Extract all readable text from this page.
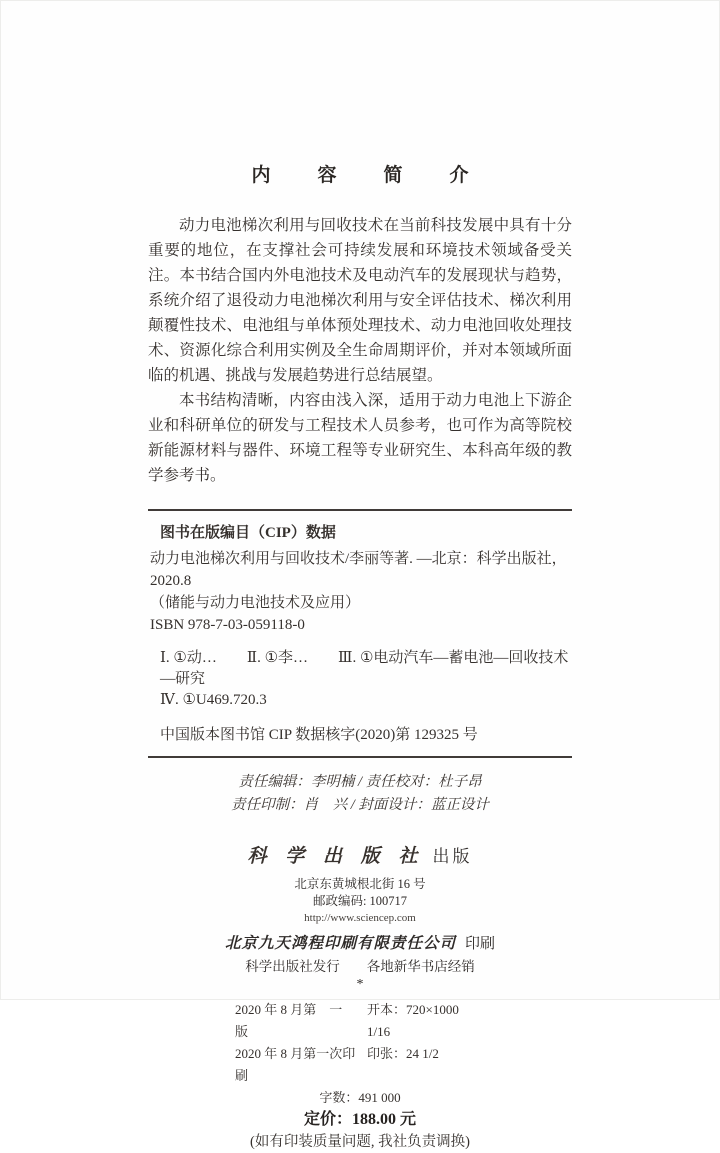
内　容　简　介

动力电池梯次利用与回收技术在当前科技发展中具有十分重要的地位，在支撑社会可持续发展和环境技术领域备受关注。本书结合国内外电池技术及电动汽车的发展现状与趋势，系统介绍了退役动力电池梯次利用与安全评估技术、梯次利用颠覆性技术、电池组与单体预处理技术、动力电池回收处理技术、资源化综合利用实例及全生命周期评价，并对本领域所面临的机遇、挑战与发展趋势进行总结展望。

本书结构清晰，内容由浅入深，适用于动力电池上下游企业和科研单位的研发与工程技术人员参考，也可作为高等院校新能源材料与器件、环境工程等专业研究生、本科高年级的教学参考书。

图书在版编目（CIP）数据
动力电池梯次利用与回收技术/李丽等著. —北京：科学出版社，2020.8
（储能与动力电池技术及应用）
ISBN 978-7-03-059118-0
Ⅰ. ①动…　　Ⅱ. ①李…　　Ⅲ. ①电动汽车—蓄电池—回收技术—研究
Ⅳ. ①U469.720.3
中国版本图书馆 CIP 数据核字(2020)第 129325 号
责任编辑：李明楠 / 责任校对：杜子昂
责任印制：肖　兴 / 封面设计：蓝正设计
科 学 出 版 社 出版
北京东黄城根北街 16 号
邮政编码: 100717
http://www.sciencep.com
北京九天鸿程印刷有限责任公司 印刷
科学出版社发行　　各地新华书店经销
*
2020 年 8 月第　一　版
开本：720×1000　1/16
2020 年 8 月第一次印刷
印张：24 1/2
字数：491 000
定价：188.00 元
(如有印装质量问题, 我社负责调换)
